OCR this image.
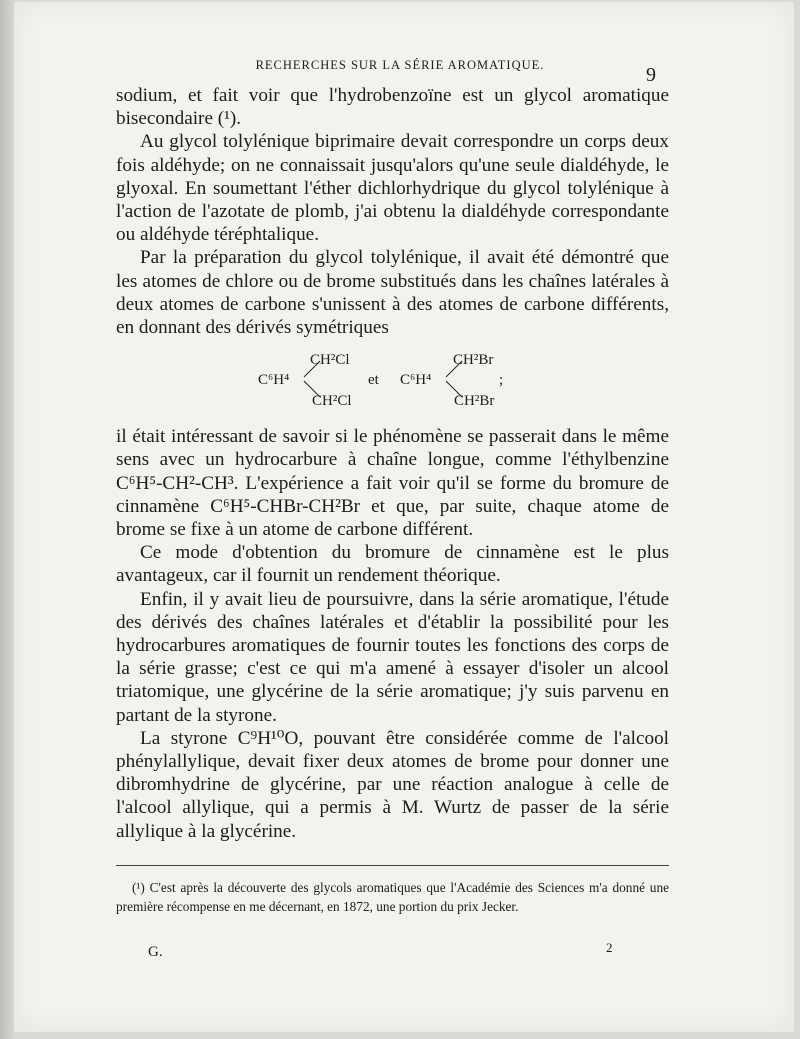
RECHERCHES SUR LA SÉRIE AROMATIQUE.	9

sodium, et fait voir que l'hydrobenzoïne est un glycol aromatique bisecondaire (¹).

Au glycol tolylénique biprimaire devait correspondre un corps deux fois aldéhyde; on ne connaissait jusqu'alors qu'une seule dialdéhyde, le glyoxal. En soumettant l'éther dichlorhydrique du glycol tolylénique à l'action de l'azotate de plomb, j'ai obtenu la dialdéhyde correspondante ou aldéhyde téréphtalique.

Par la préparation du glycol tolylénique, il avait été démontré que les atomes de chlore ou de brome substitués dans les chaînes latérales à deux atomes de carbone s'unissent à des atomes de carbone différents, en donnant des dérivés symétriques

C⁶H⁴
CH²Cl
CH²Cl
et C⁶H⁴
CH²Br
CH²Br
;

il était intéressant de savoir si le phénomène se passerait dans le même sens avec un hydrocarbure à chaîne longue, comme l'éthylbenzine C⁶H⁵-CH²-CH³. L'expérience a fait voir qu'il se forme du bromure de cinnamène C⁶H⁵-CHBr-CH²Br et que, par suite, chaque atome de brome se fixe à un atome de carbone différent.

Ce mode d'obtention du bromure de cinnamène est le plus avantageux, car il fournit un rendement théorique.

Enfin, il y avait lieu de poursuivre, dans la série aromatique, l'étude des dérivés des chaînes latérales et d'établir la possibilité pour les hydrocarbures aromatiques de fournir toutes les fonctions des corps de la série grasse; c'est ce qui m'a amené à essayer d'isoler un alcool triatomique, une glycérine de la série aromatique; j'y suis parvenu en partant de la styrone.

La styrone C⁹H¹⁰O, pouvant être considérée comme de l'alcool phénylallylique, devait fixer deux atomes de brome pour donner une dibromhydrine de glycérine, par une réaction analogue à celle de l'alcool allylique, qui a permis à M. Wurtz de passer de la série allylique à la glycérine.

(¹) C'est après la découverte des glycols aromatiques que l'Académie des Sciences m'a donné une première récompense en me décernant, en 1872, une portion du prix Jecker.

G.	2
